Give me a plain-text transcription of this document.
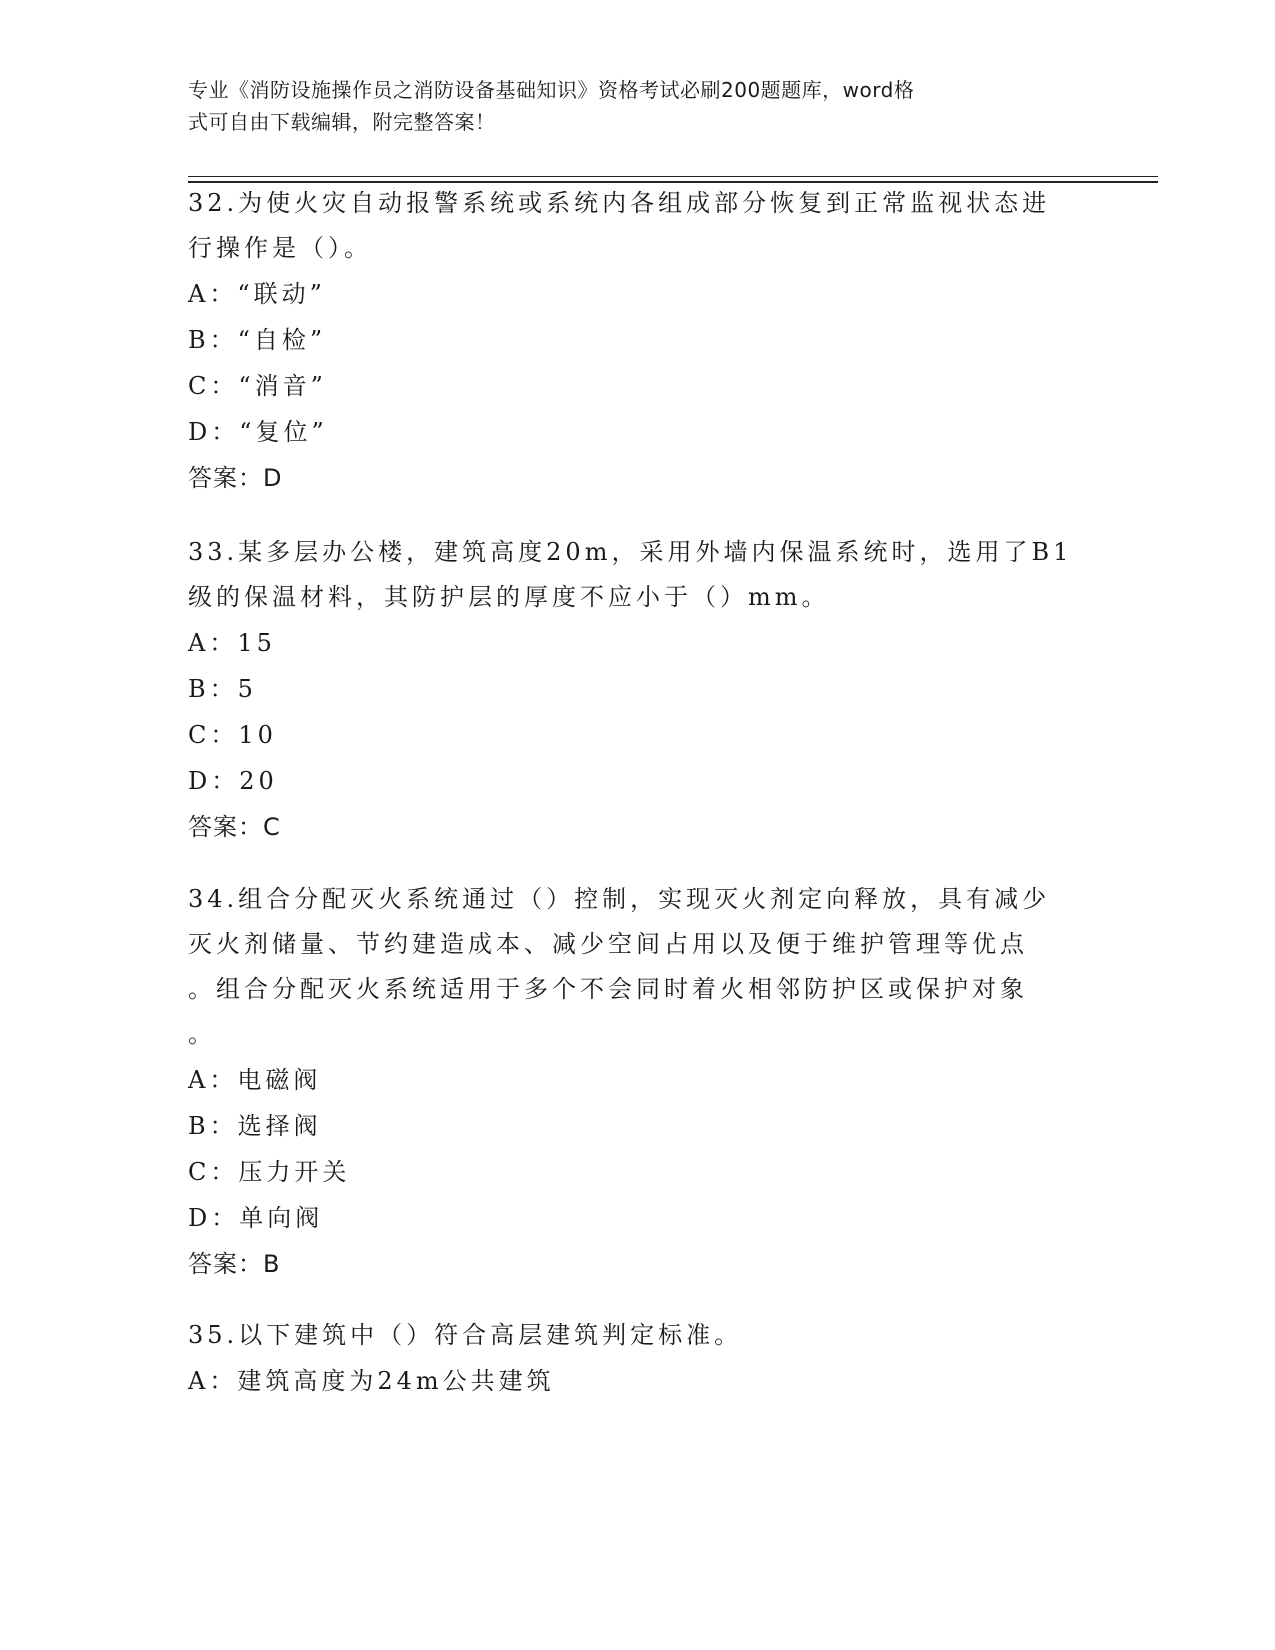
专业《消防设施操作员之消防设备基础知识》资格考试必刷200题题库，word格
式可自由下载编辑，附完整答案！
32.为使火灾自动报警系统或系统内各组成部分恢复到正常监视状态进
行操作是（）。
A：“联动”
B：“自检”
C：“消音”
D：“复位”
答案：D
33.某多层办公楼，建筑高度20m，采用外墙内保温系统时，选用了B1
级的保温材料，其防护层的厚度不应小于（）mm。
A：15
B：5
C：10
D：20
答案：C
34.组合分配灭火系统通过（）控制，实现灭火剂定向释放，具有减少
灭火剂储量、节约建造成本、减少空间占用以及便于维护管理等优点
。组合分配灭火系统适用于多个不会同时着火相邻防护区或保护对象
。
A：电磁阀
B：选择阀
C：压力开关
D：单向阀
答案：B
35.以下建筑中（）符合高层建筑判定标准。
A：建筑高度为24m公共建筑
